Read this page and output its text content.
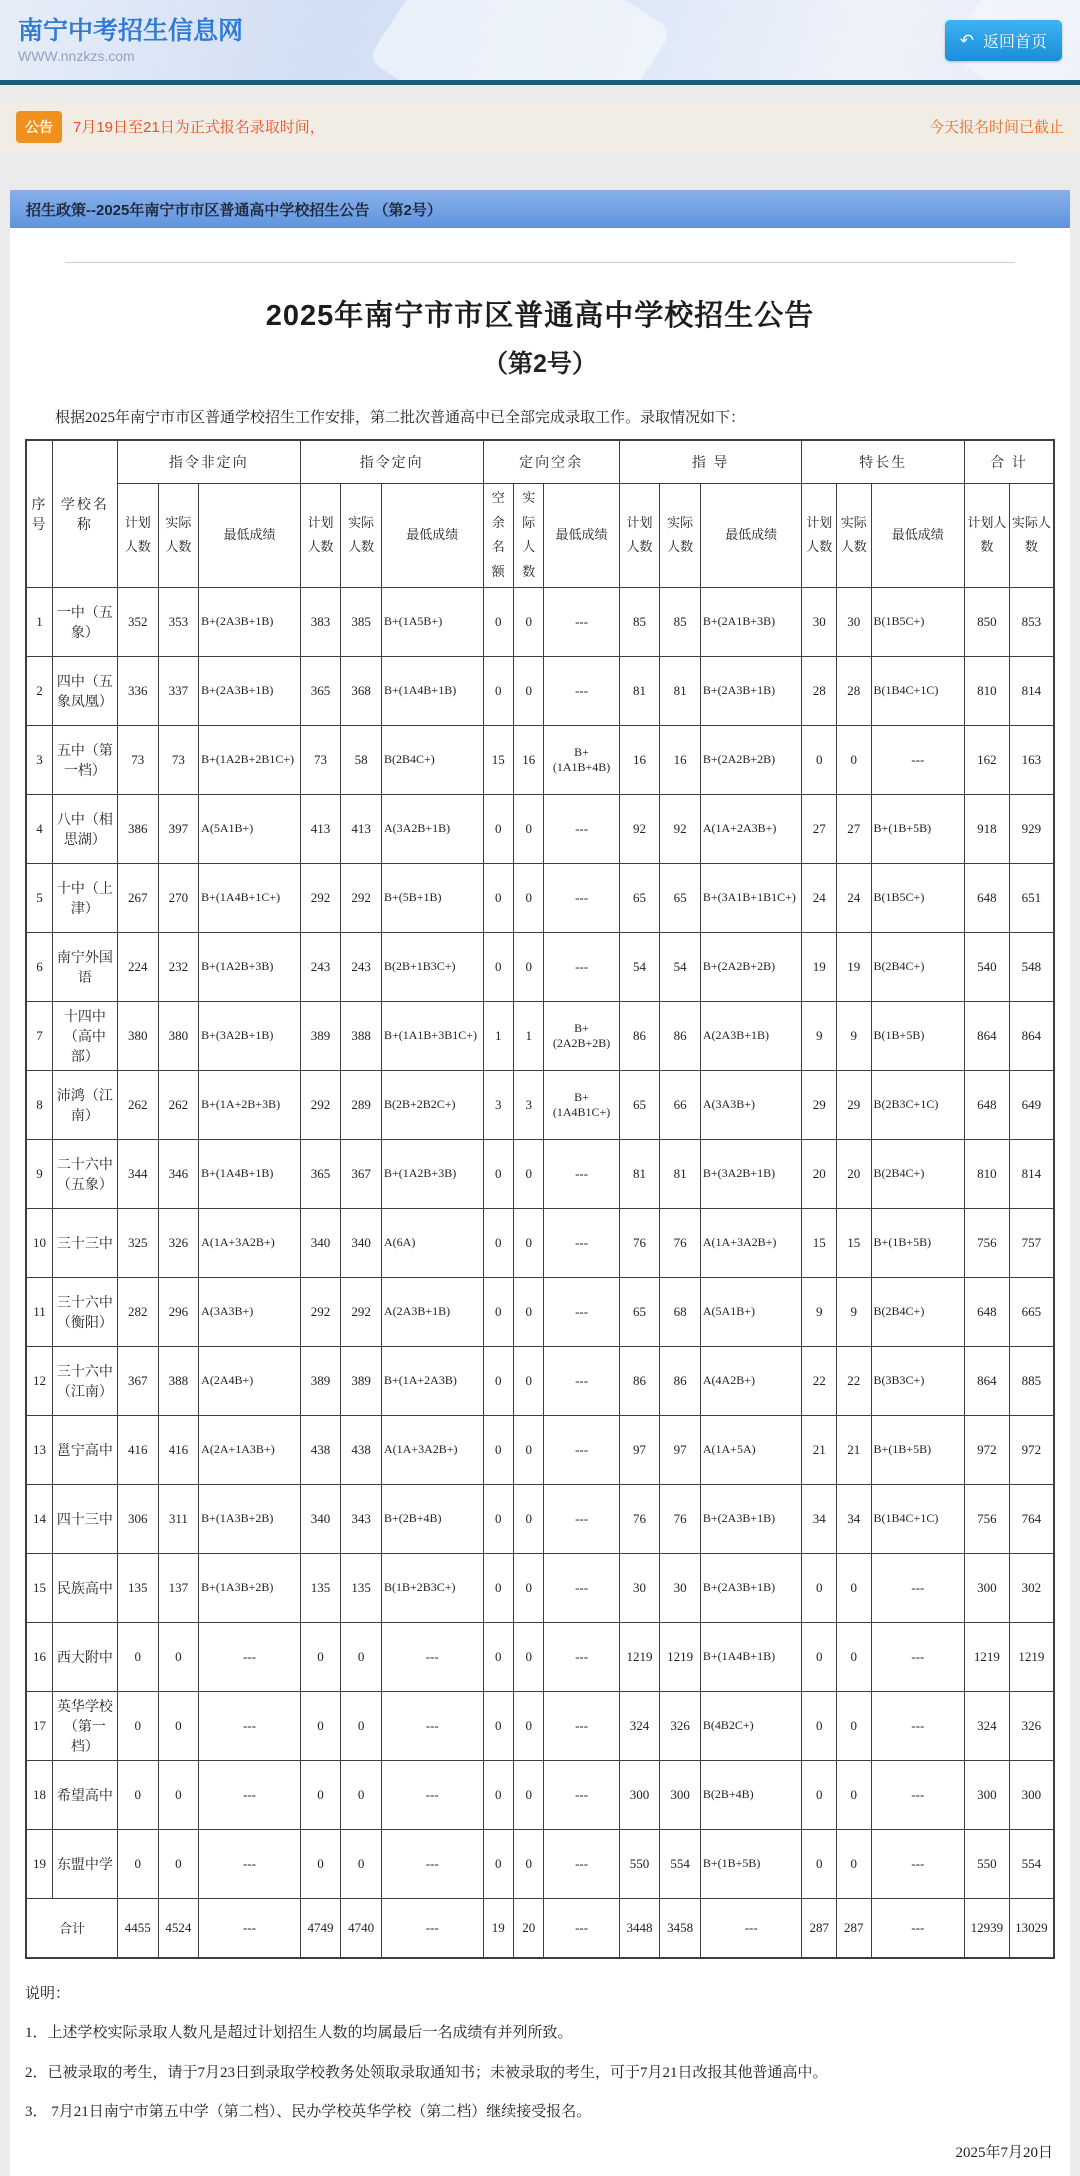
南宁中考招生信息网
WWW.nnzkzs.com
↶ 返回首页
公告	7月19日至21日为正式报名录取时间，	今天报名时间已截止
招生政策--2025年南宁市市区普通高中学校招生公告 （第2号）
2025年南宁市市区普通高中学校招生公告
（第2号）

根据2025年南宁市市区普通学校招生工作安排，第二批次普通高中已全部完成录取工作。录取情况如下：

序号	学校名称	指令非定向			指令定向			定向空余			指 导			特长生			合 计	
		计划人数	实际人数	最低成绩	计划人数	实际人数	最低成绩	空余名额	实际人数	最低成绩	计划人数	实际人数	最低成绩	计划人数	实际人数	最低成绩	计划人数	实际人数
1	一中（五象）	352	353	B+(2A3B+1B)	383	385	B+(1A5B+)	0	0	---	85	85	B+(2A1B+3B)	30	30	B(1B5C+)	850	853
2	四中（五象凤凰）	336	337	B+(2A3B+1B)	365	368	B+(1A4B+1B)	0	0	---	81	81	B+(2A3B+1B)	28	28	B(1B4C+1C)	810	814
3	五中（第一档）	73	73	B+(1A2B+2B1C+)	73	58	B(2B4C+)	15	16	B+(1A1B+4B)	16	16	B+(2A2B+2B)	0	0	---	162	163
4	八中（相思湖）	386	397	A(5A1B+)	413	413	A(3A2B+1B)	0	0	---	92	92	A(1A+2A3B+)	27	27	B+(1B+5B)	918	929
5	十中（上津）	267	270	B+(1A4B+1C+)	292	292	B+(5B+1B)	0	0	---	65	65	B+(3A1B+1B1C+)	24	24	B(1B5C+)	648	651
6	南宁外国语	224	232	B+(1A2B+3B)	243	243	B(2B+1B3C+)	0	0	---	54	54	B+(2A2B+2B)	19	19	B(2B4C+)	540	548
7	十四中（高中部）	380	380	B+(3A2B+1B)	389	388	B+(1A1B+3B1C+)	1	1	B+(2A2B+2B)	86	86	A(2A3B+1B)	9	9	B(1B+5B)	864	864
8	沛鸿（江南）	262	262	B+(1A+2B+3B)	292	289	B(2B+2B2C+)	3	3	B+(1A4B1C+)	65	66	A(3A3B+)	29	29	B(2B3C+1C)	648	649
9	二十六中（五象）	344	346	B+(1A4B+1B)	365	367	B+(1A2B+3B)	0	0	---	81	81	B+(3A2B+1B)	20	20	B(2B4C+)	810	814
10	三十三中	325	326	A(1A+3A2B+)	340	340	A(6A)	0	0	---	76	76	A(1A+3A2B+)	15	15	B+(1B+5B)	756	757
11	三十六中（衡阳）	282	296	A(3A3B+)	292	292	A(2A3B+1B)	0	0	---	65	68	A(5A1B+)	9	9	B(2B4C+)	648	665
12	三十六中（江南）	367	388	A(2A4B+)	389	389	B+(1A+2A3B)	0	0	---	86	86	A(4A2B+)	22	22	B(3B3C+)	864	885
13	邕宁高中	416	416	A(2A+1A3B+)	438	438	A(1A+3A2B+)	0	0	---	97	97	A(1A+5A)	21	21	B+(1B+5B)	972	972
14	四十三中	306	311	B+(1A3B+2B)	340	343	B+(2B+4B)	0	0	---	76	76	B+(2A3B+1B)	34	34	B(1B4C+1C)	756	764
15	民族高中	135	137	B+(1A3B+2B)	135	135	B(1B+2B3C+)	0	0	---	30	30	B+(2A3B+1B)	0	0	---	300	302
16	西大附中	0	0	---	0	0	---	0	0	---	1219	1219	B+(1A4B+1B)	0	0	---	1219	1219
17	英华学校（第一档）	0	0	---	0	0	---	0	0	---	324	326	B(4B2C+)	0	0	---	324	326
18	希望高中	0	0	---	0	0	---	0	0	---	300	300	B(2B+4B)	0	0	---	300	300
19	东盟中学	0	0	---	0	0	---	0	0	---	550	554	B+(1B+5B)	0	0	---	550	554
合计		4455	4524	---	4749	4740	---	19	20	---	3448	3458	---	287	287	---	12939	13029

说明：

1．上述学校实际录取人数凡是超过计划招生人数的均属最后一名成绩有并列所致。

2．已被录取的考生，请于7月23日到录取学校教务处领取录取通知书；未被录取的考生，可于7月21日改报其他普通高中。

3． 7月21日南宁市第五中学（第二档）、民办学校英华学校（第二档）继续接受报名。

2025年7月20日
